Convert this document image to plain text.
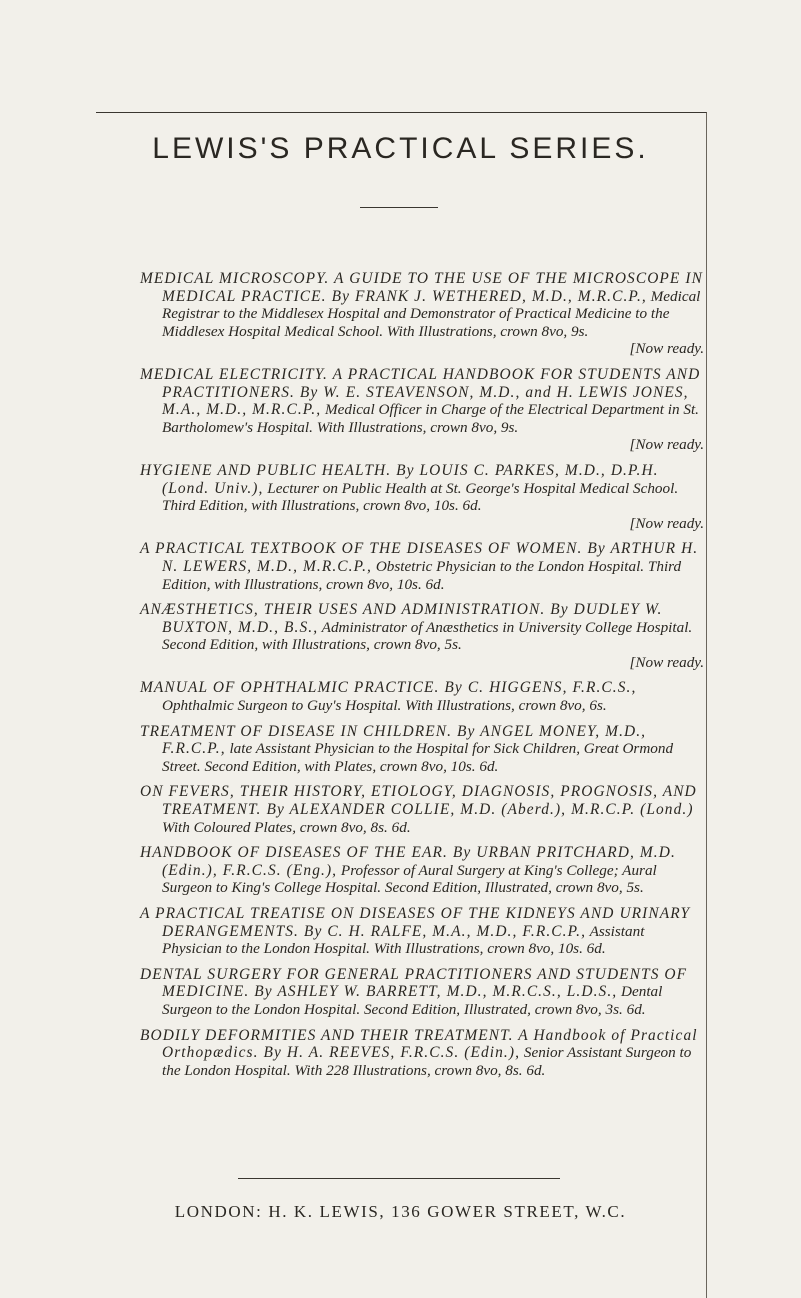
LEWIS'S PRACTICAL SERIES.

MEDICAL MICROSCOPY. A GUIDE TO THE USE OF THE MICROSCOPE IN MEDICAL PRACTICE. By FRANK J. WETHERED, M.D., M.R.C.P., Medical Registrar to the Middlesex Hospital and Demonstrator of Practical Medicine to the Middlesex Hospital Medical School. With Illustrations, crown 8vo, 9s.

[Now ready.

MEDICAL ELECTRICITY. A PRACTICAL HANDBOOK FOR STUDENTS AND PRACTITIONERS. By W. E. STEAVENSON, M.D., and H. LEWIS JONES, M.A., M.D., M.R.C.P., Medical Officer in Charge of the Electrical Department in St. Bartholomew's Hospital. With Illustrations, crown 8vo, 9s.

[Now ready.

HYGIENE AND PUBLIC HEALTH. By LOUIS C. PARKES, M.D., D.P.H. (Lond. Univ.), Lecturer on Public Health at St. George's Hospital Medical School. Third Edition, with Illustrations, crown 8vo, 10s. 6d.

[Now ready.

A PRACTICAL TEXTBOOK OF THE DISEASES OF WOMEN. By ARTHUR H. N. LEWERS, M.D., M.R.C.P., Obstetric Physician to the London Hospital. Third Edition, with Illustrations, crown 8vo, 10s. 6d.

ANÆSTHETICS, THEIR USES AND ADMINISTRATION. By DUDLEY W. BUXTON, M.D., B.S., Administrator of Anæsthetics in University College Hospital. Second Edition, with Illustrations, crown 8vo, 5s.

[Now ready.

MANUAL OF OPHTHALMIC PRACTICE. By C. HIGGENS, F.R.C.S., Ophthalmic Surgeon to Guy's Hospital. With Illustrations, crown 8vo, 6s.

TREATMENT OF DISEASE IN CHILDREN. By ANGEL MONEY, M.D., F.R.C.P., late Assistant Physician to the Hospital for Sick Children, Great Ormond Street. Second Edition, with Plates, crown 8vo, 10s. 6d.

ON FEVERS, THEIR HISTORY, ETIOLOGY, DIAGNOSIS, PROGNOSIS, AND TREATMENT. By ALEXANDER COLLIE, M.D. (Aberd.), M.R.C.P. (Lond.) With Coloured Plates, crown 8vo, 8s. 6d.

HANDBOOK OF DISEASES OF THE EAR. By URBAN PRITCHARD, M.D. (Edin.), F.R.C.S. (Eng.), Professor of Aural Surgery at King's College; Aural Surgeon to King's College Hospital. Second Edition, Illustrated, crown 8vo, 5s.

A PRACTICAL TREATISE ON DISEASES OF THE KIDNEYS AND URINARY DERANGEMENTS. By C. H. RALFE, M.A., M.D., F.R.C.P., Assistant Physician to the London Hospital. With Illustrations, crown 8vo, 10s. 6d.

DENTAL SURGERY FOR GENERAL PRACTITIONERS AND STUDENTS OF MEDICINE. By ASHLEY W. BARRETT, M.D., M.R.C.S., L.D.S., Dental Surgeon to the London Hospital. Second Edition, Illustrated, crown 8vo, 3s. 6d.

BODILY DEFORMITIES AND THEIR TREATMENT. A Handbook of Practical Orthopædics. By H. A. REEVES, F.R.C.S. (Edin.), Senior Assistant Surgeon to the London Hospital. With 228 Illustrations, crown 8vo, 8s. 6d.

LONDON: H. K. LEWIS, 136 GOWER STREET, W.C.
